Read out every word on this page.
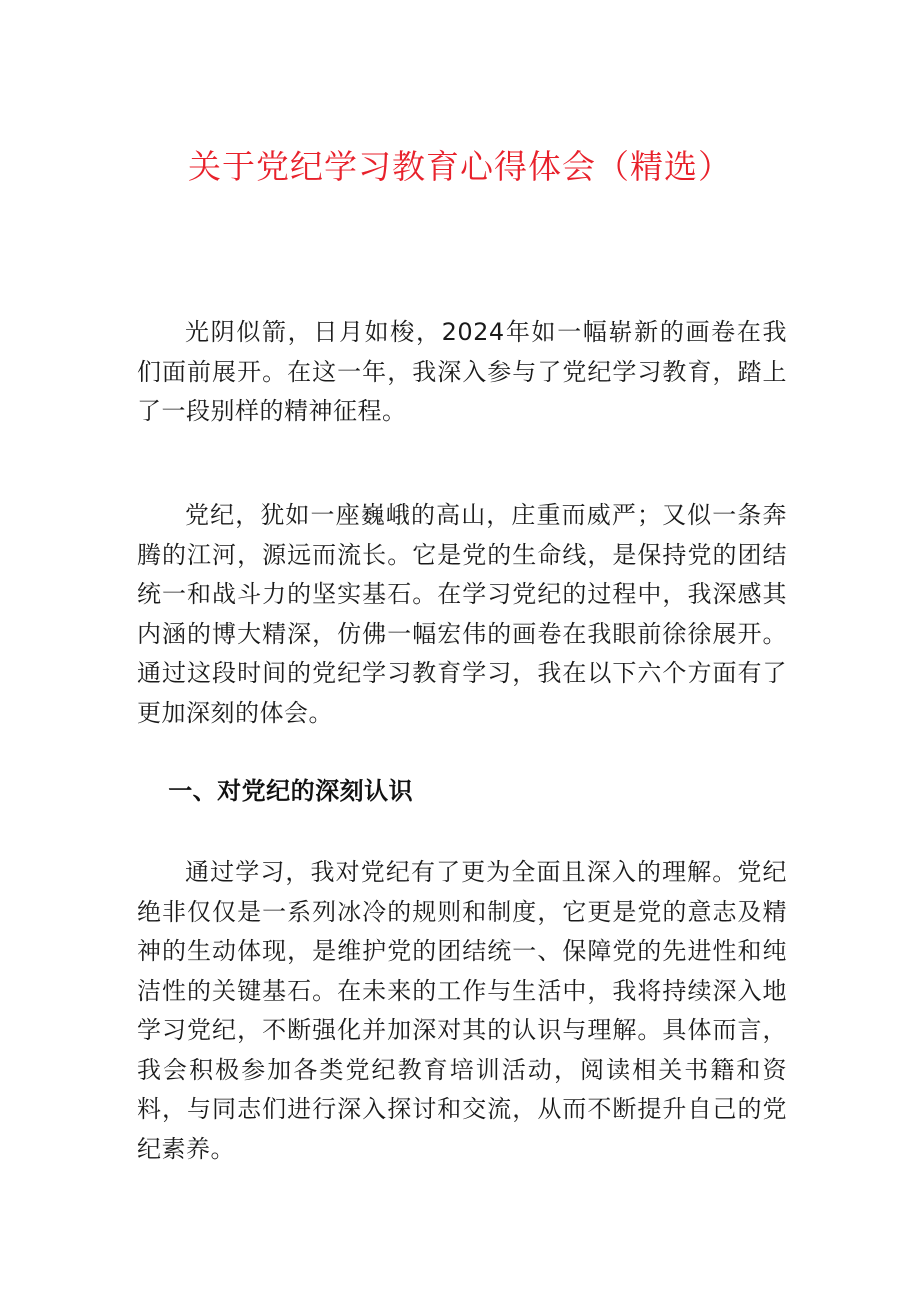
关于党纪学习教育心得体会（精选）

光阴似箭，日月如梭，2024年如一幅崭新的画卷在我们面前展开。在这一年，我深入参与了党纪学习教育，踏上了一段别样的精神征程。

党纪，犹如一座巍峨的高山，庄重而威严；又似一条奔腾的江河，源远而流长。它是党的生命线，是保持党的团结统一和战斗力的坚实基石。在学习党纪的过程中，我深感其内涵的博大精深，仿佛一幅宏伟的画卷在我眼前徐徐展开。通过这段时间的党纪学习教育学习，我在以下六个方面有了更加深刻的体会。

一、对党纪的深刻认识

通过学习，我对党纪有了更为全面且深入的理解。党纪绝非仅仅是一系列冰冷的规则和制度，它更是党的意志及精神的生动体现，是维护党的团结统一、保障党的先进性和纯洁性的关键基石。在未来的工作与生活中，我将持续深入地学习党纪，不断强化并加深对其的认识与理解。具体而言，我会积极参加各类党纪教育培训活动，阅读相关书籍和资料，与同志们进行深入探讨和交流，从而不断提升自己的党纪素养。
